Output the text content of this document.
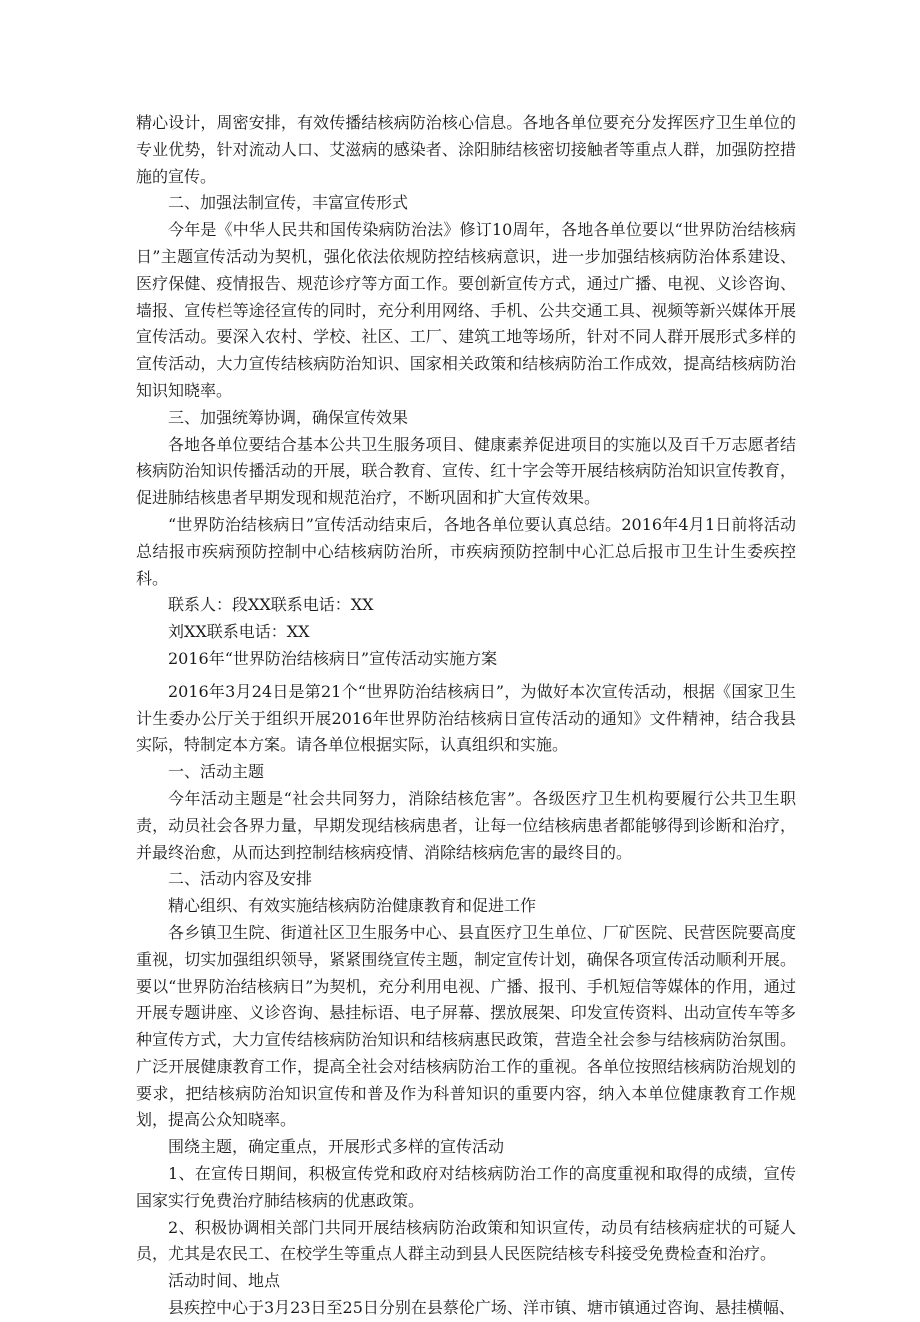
精心设计，周密安排，有效传播结核病防治核心信息。各地各单位要充分发挥医疗卫生单位的专业优势，针对流动人口、艾滋病的感染者、涂阳肺结核密切接触者等重点人群，加强防控措施的宣传。

二、加强法制宣传，丰富宣传形式

今年是《中华人民共和国传染病防治法》修订10周年，各地各单位要以“世界防治结核病日”主题宣传活动为契机，强化依法依规防控结核病意识，进一步加强结核病防治体系建设、医疗保健、疫情报告、规范诊疗等方面工作。要创新宣传方式，通过广播、电视、义诊咨询、墙报、宣传栏等途径宣传的同时，充分利用网络、手机、公共交通工具、视频等新兴媒体开展宣传活动。要深入农村、学校、社区、工厂、建筑工地等场所，针对不同人群开展形式多样的宣传活动，大力宣传结核病防治知识、国家相关政策和结核病防治工作成效，提高结核病防治知识知晓率。

三、加强统筹协调，确保宣传效果

各地各单位要结合基本公共卫生服务项目、健康素养促进项目的实施以及百千万志愿者结核病防治知识传播活动的开展，联合教育、宣传、红十字会等开展结核病防治知识宣传教育，促进肺结核患者早期发现和规范治疗，不断巩固和扩大宣传效果。

“世界防治结核病日”宣传活动结束后，各地各单位要认真总结。2016年4月1日前将活动总结报市疾病预防控制中心结核病防治所，市疾病预防控制中心汇总后报市卫生计生委疾控科。

联系人：段XX联系电话：XX

刘XX联系电话：XX

2016年“世界防治结核病日”宣传活动实施方案

2016年3月24日是第21个“世界防治结核病日”，为做好本次宣传活动，根据《国家卫生计生委办公厅关于组织开展2016年世界防治结核病日宣传活动的通知》文件精神，结合我县实际，特制定本方案。请各单位根据实际，认真组织和实施。

一、活动主题

今年活动主题是“社会共同努力，消除结核危害”。各级医疗卫生机构要履行公共卫生职责，动员社会各界力量，早期发现结核病患者，让每一位结核病患者都能够得到诊断和治疗，并最终治愈，从而达到控制结核病疫情、消除结核病危害的最终目的。

二、活动内容及安排

精心组织、有效实施结核病防治健康教育和促进工作

各乡镇卫生院、街道社区卫生服务中心、县直医疗卫生单位、厂矿医院、民营医院要高度重视，切实加强组织领导，紧紧围绕宣传主题，制定宣传计划，确保各项宣传活动顺利开展。要以“世界防治结核病日”为契机，充分利用电视、广播、报刊、手机短信等媒体的作用，通过开展专题讲座、义诊咨询、悬挂标语、电子屏幕、摆放展架、印发宣传资料、出动宣传车等多种宣传方式，大力宣传结核病防治知识和结核病惠民政策，营造全社会参与结核病防治氛围。广泛开展健康教育工作，提高全社会对结核病防治工作的重视。各单位按照结核病防治规划的要求，把结核病防治知识宣传和普及作为科普知识的重要内容，纳入本单位健康教育工作规划，提高公众知晓率。

围绕主题，确定重点，开展形式多样的宣传活动

1、在宣传日期间，积极宣传党和政府对结核病防治工作的高度重视和取得的成绩，宣传国家实行免费治疗肺结核病的优惠政策。

2、积极协调相关部门共同开展结核病防治政策和知识宣传，动员有结核病症状的可疑人员，尤其是农民工、在校学生等重点人群主动到县人民医院结核专科接受免费检查和治疗。

活动时间、地点

县疾控中心于3月23日至25日分别在县蔡伦广场、洋市镇、塘市镇通过咨询、悬挂横幅、
